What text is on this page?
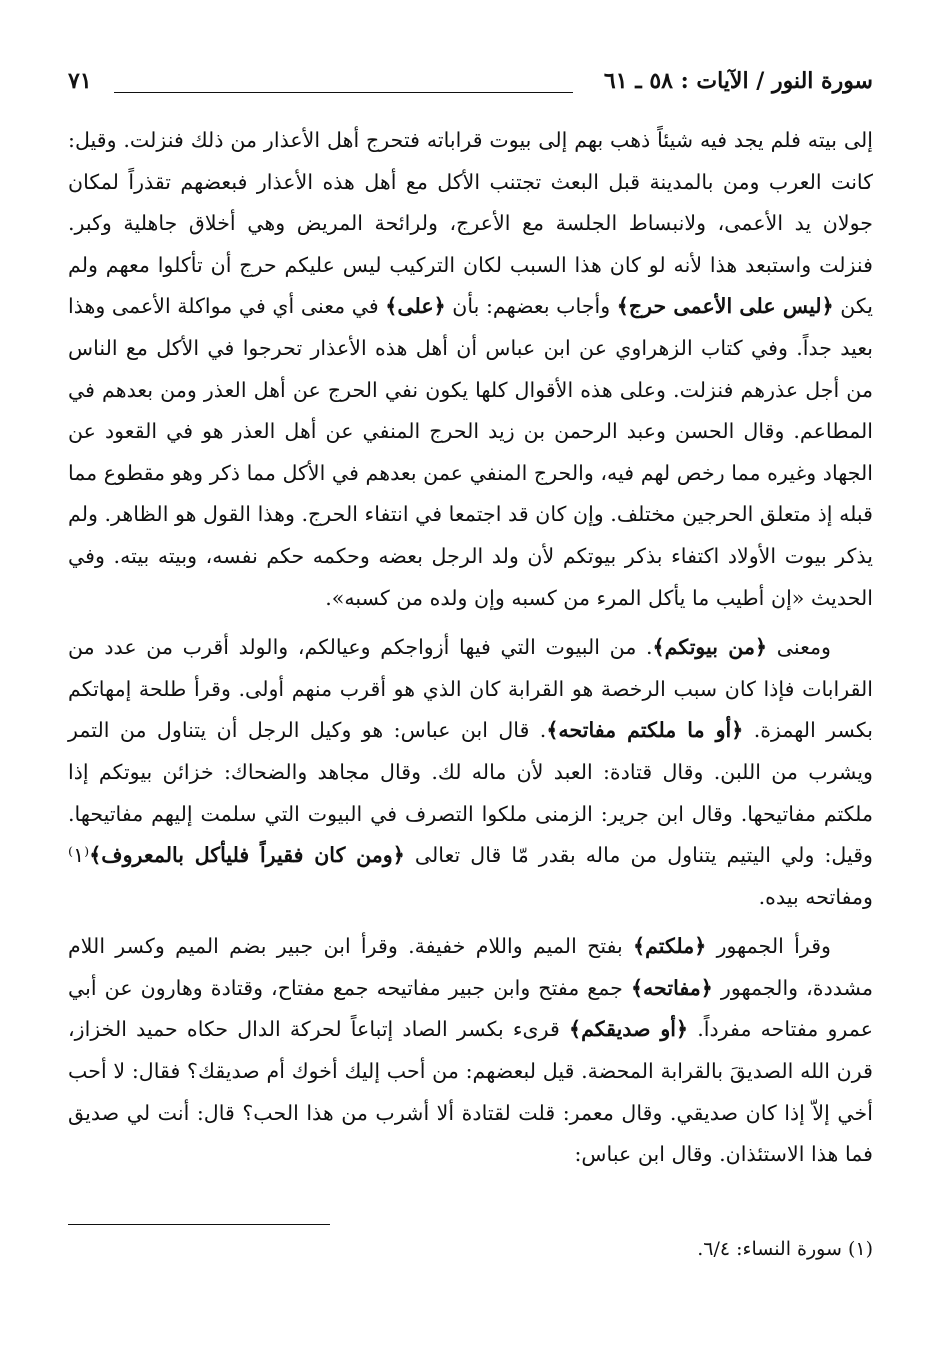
سورة النور / الآيات : ٥٨ ـ ٦١
٧١

إلى بيته فلم يجد فيه شيئاً ذهب بهم إلى بيوت قراباته فتحرج أهل الأعذار من ذلك فنزلت. وقيل: كانت العرب ومن بالمدينة قبل البعث تجتنب الأكل مع أهل هذه الأعذار فبعضهم تقذراً لمكان جولان يد الأعمى، ولانبساط الجلسة مع الأعرج، ولرائحة المريض وهي أخلاق جاهلية وكبر. فنزلت واستبعد هذا لأنه لو كان هذا السبب لكان التركيب ليس عليكم حرج أن تأكلوا معهم ولم يكن ﴿ليس على الأعمى حرج﴾ وأجاب بعضهم: بأن ﴿على﴾ في معنى أي في مواكلة الأعمى وهذا بعيد جداً. وفي كتاب الزهراوي عن ابن عباس أن أهل هذه الأعذار تحرجوا في الأكل مع الناس من أجل عذرهم فنزلت. وعلى هذه الأقوال كلها يكون نفي الحرج عن أهل العذر ومن بعدهم في المطاعم. وقال الحسن وعبد الرحمن بن زيد الحرج المنفي عن أهل العذر هو في القعود عن الجهاد وغيره مما رخص لهم فيه، والحرج المنفي عمن بعدهم في الأكل مما ذكر وهو مقطوع مما قبله إذ متعلق الحرجين مختلف. وإن كان قد اجتمعا في انتفاء الحرج. وهذا القول هو الظاهر. ولم يذكر بيوت الأولاد اكتفاء بذكر بيوتكم لأن ولد الرجل بعضه وحكمه حكم نفسه، وبيته بيته. وفي الحديث «إن أطيب ما يأكل المرء من كسبه وإن ولده من كسبه».

ومعنى ﴿من بيوتكم﴾. من البيوت التي فيها أزواجكم وعيالكم، والولد أقرب من عدد من القرابات فإذا كان سبب الرخصة هو القرابة كان الذي هو أقرب منهم أولى. وقرأ طلحة إمهاتكم بكسر الهمزة. ﴿أو ما ملكتم مفاتحه﴾. قال ابن عباس: هو وكيل الرجل أن يتناول من التمر ويشرب من اللبن. وقال قتادة: العبد لأن ماله لك. وقال مجاهد والضحاك: خزائن بيوتكم إذا ملكتم مفاتيحها. وقال ابن جرير: الزمنى ملكوا التصرف في البيوت التي سلمت إليهم مفاتيحها. وقيل: ولي اليتيم يتناول من ماله بقدر مّا قال تعالى ﴿ومن كان فقيراً فليأكل بالمعروف﴾⁽١⁾ ومفاتحه بيده.

وقرأ الجمهور ﴿ملكتم﴾ بفتح الميم واللام خفيفة. وقرأ ابن جبير بضم الميم وكسر اللام مشددة، والجمهور ﴿مفاتحه﴾ جمع مفتح وابن جبير مفاتيحه جمع مفتاح، وقتادة وهارون عن أبي عمرو مفتاحه مفرداً. ﴿أو صديقكم﴾ قرىء بكسر الصاد إتباعاً لحركة الدال حكاه حميد الخزاز، قرن الله الصديقَ بالقرابة المحضة. قيل لبعضهم: من أحب إليك أخوك أم صديقك؟ فقال: لا أحب أخي إلاّ إذا كان صديقي. وقال معمر: قلت لقتادة ألا أشرب من هذا الحب؟ قال: أنت لي صديق فما هذا الاستئذان. وقال ابن عباس:

(١) سورة النساء: ٦/٤.
